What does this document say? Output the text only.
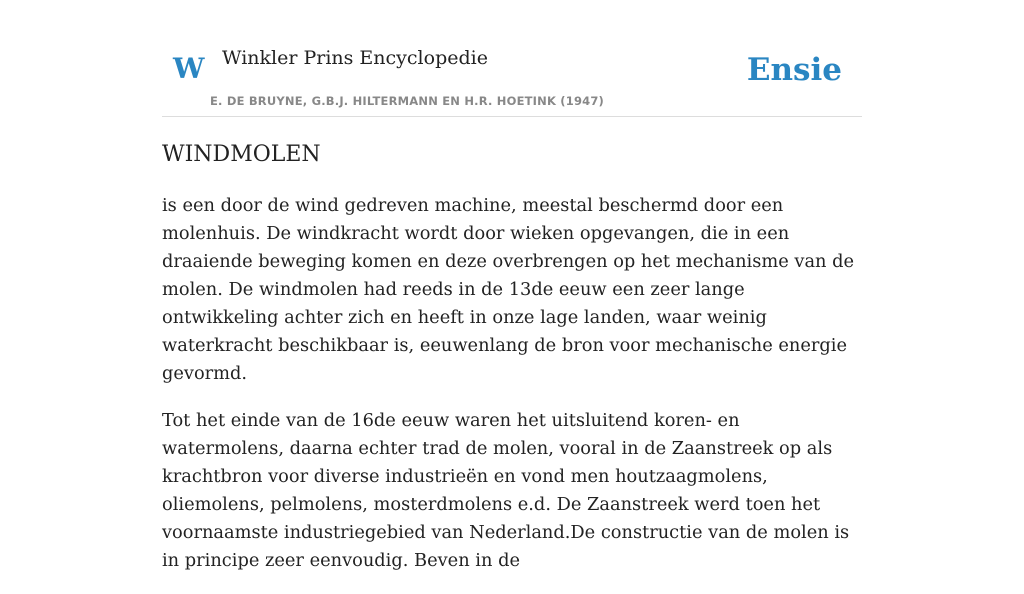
W Winkler Prins Encyclopedie
E. DE BRUYNE, G.B.J. HILTERMANN EN H.R. HOETINK (1947)
Ensie
WINDMOLEN

is een door de wind gedreven machine, meestal beschermd door een molenhuis. De windkracht wordt door wieken opgevangen, die in een draaiende beweging komen en deze overbrengen op het mechanisme van de molen. De windmolen had reeds in de 13de eeuw een zeer lange ontwikkeling achter zich en heeft in onze lage landen, waar weinig waterkracht beschikbaar is, eeuwenlang de bron voor mechanische energie gevormd.

Tot het einde van de 16de eeuw waren het uitsluitend koren- en watermolens, daarna echter trad de molen, vooral in de Zaanstreek op als krachtbron voor diverse industrieën en vond men houtzaagmolens, oliemolens, pelmolens, mosterdmolens e.d. De Zaanstreek werd toen het voornaamste industriegebied van Nederland.De constructie van de molen is in principe zeer eenvoudig. Beven in de
